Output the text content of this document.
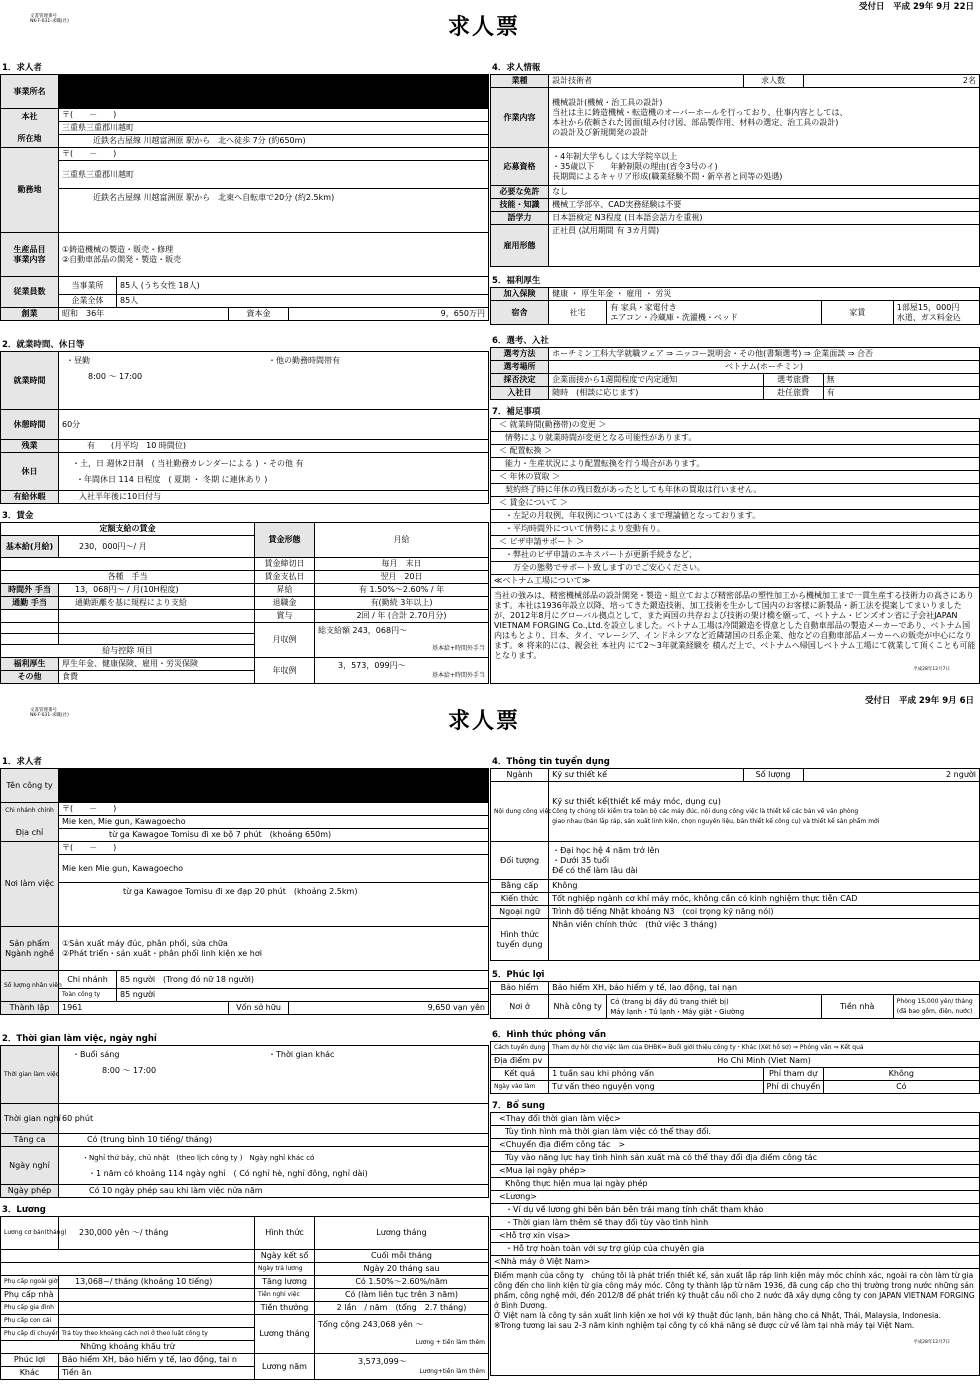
文書管理番号
NK-F-031-求職(社)	求人票
受付日　平成 29年 9月 22日
1．求人者
事業所名				

本社
所在地	〒(　　－　　)			
	三重県三重郡川越町			
	近鉄名古屋線 川越富洲原 駅から　北へ徒歩 7分 (約650m)			
勤務地	〒(　　－　　)			
	三重県三重郡川越町			
	近鉄名古屋線 川越富洲原 駅から　北東へ自転車で20分 (約2.5km)			
生産品目
事業内容	①鋳造機械の製造・販売・修理
②自動車部品の開発・製造・販売			
従業員数	当事業所	85人 (うち女性 18人)		
	企業全体	85人		
創業	昭和　36年		資本金	9，650万円
2．就業時間、休日等
就業時間	・昼勤 ・他の勤務時間帯有
8:00 ～ 17:00

休憩時間	60分
残業	有　　(月平均　10 時間位)
休日	・土，日 週休2日制　( 当社勤務カレンダーによる ) ・その他 有
・年間休日 114 日程度　( 夏期 ・ 冬期 に連休あり )

有給休暇	入社半年後に10日付与
3．賃金
定額支給の賃金		賃金形態	月給
基本給(月給)	230，000円～/ 月		
		賃金締切日	毎月　末日
各種　手当		賃金支払日	翌月　20日
時間外 手当	13，068円～ / 月(10H程度)	昇給	有 1.50%～2.60% / 年
通勤 手当	通勤距離を基に規程により支給	退職金	有(勤続 3年以上)
		賞与	2回 / 年 (合計 2.70月分)
		月収例	総支給額 243，068円～
基本給+時間外手当

給与控除 項目			
福利厚生	厚生年金、健康保険、雇用・労災保険	年収例	3，573，099円～
基本給+時間外手当

その他	食費		
4．求人情報
業種	設計技術者	求人数	2名
作業内容	機械設計(機械・治工具の設計)
当社は主に鋳造機械・転造機のオーバーホールを行っており、仕事内容としては、
本社から依頼された図面(組み付け図、部品製作用、材料の選定、治工具の設計)
の設計及び新規開発の設計		
応募資格	・4年制大学もしくは大学院卒以上
・35歳以下　　年齢制限の理由(省令3号のイ)
長期間によるキャリア形成(職業経験不問・新卒者と同等の処遇)		
必要な免許	なし		
技能・知識	機械工学部卒、CAD実務経験は不要		
語学力	日本語検定 N3程度 (日本語会話力を重視)		
雇用形態	正社員 (試用期間 有 3カ月間)		
5．福利厚生
加入保険	健康 ・ 厚生年金 ・ 雇用 ・ 労災			
宿舎	社宅	有 家具・家電付き
エアコン・冷蔵庫・洗濯機・ベッド	家賃	1部屋15，000円
水道、ガス料金込
6．選考、入社
選考方法	ホーチミン工科大学就職フェア ⇒ ニッコー説明会・その他(書類選考) ⇒ 企業面談 ⇒ 合否		
選考場所	ベトナム(ホーチミン)		
採否決定	企業面接から1週間程度で内定通知	選考旅費	無
入社日	随時　(相談に応じます)	赴任旅費	有
7．補足事項
＜ 就業時間(勤務帯)の変更 ＞
情勢により就業時間が変更となる可能性があります。
＜ 配置転換 ＞
能力・生産状況により配置転換を行う場合があります。
＜ 年休の買取 ＞
契約終了時に年休の残日数があったとしても年休の買取は行いません。
＜ 賃金について ＞
・左記の月収例、年収例についてはあくまで理論値となっております。
・平均時間外について情勢により変動有り。
＜ ビザ申請サポート ＞
・弊社のビザ申請のエキスパートが更新手続きなど、
万全の態勢でサポート致しますのでご安心ください。
≪ベトナム工場について≫
当社の強みは、精密機械部品の設計開発・製造・組立ておよび精密部品の塑性加工から機械加工まで一貫生産する技術力の高さにあります。本社は1936年設立以降、培ってきた鍛造技術、加工技術を生かして国内のお客様に新製品・新工法を提案してまいりましたが、2012年8月にグローバル拠点として、また両国の共存および技術の架け橋を願って、ベトナム・ビンズオン省に子会社JAPAN VIETNAM FORGING Co.,Ltd.を設立しました。ベトナム工場は冷間鍛造を得意とした自動車部品の製造メーカーであり、ベトナム国内はもとより、日本、タイ、マレーシア、インドネシアなど近隣諸国の日系企業、他などの自動車部品メーカーへの販売が中心になります。※ 将来的には、親会社 本社内 にて2～3年就業経験を 積んだ上で、ベトナムへ帰国しベトナム工場にて就業して頂くことも可能となります。
平成28年12月7日
文書管理番号
NK-F-031-求職(社)	求人票
受付日　平成 29年 9月 6日
1．求人者
Tên công ty				

Chi nhánh chính
Địa chỉ	〒(　　－　　)			
	Mie ken, Mie gun, Kawagoecho			
	từ ga Kawagoe Tomisu đi xe bộ 7 phút　(khoảng 650m)			
Nơi làm việc	〒(　　－　　)			
	Mie ken Mie gun, Kawagoecho			
	từ ga Kawagoe Tomisu đi xe đạp 20 phút　(khoảng 2.5km)			
Sản phẩm
Ngành nghề	①Sản xuất máy đúc, phân phối, sửa chữa
②Phát triển・sản xuất・phân phối linh kiện xe hơi			
Số lượng nhân viên	Chi nhánh	85 người　(Trong đó nữ 18 người)		
	Toàn công ty	85 người		
Thành lập	1961		Vốn sở hữu	9,650 vạn yên
2．Thời gian làm việc, ngày nghỉ
Thời gian làm việc	・Buổi sáng ・Thời gian khác
8:00 ～ 17:00

Thời gian nghỉ	60 phút
Tăng ca	Có (trung bình 10 tiếng/ tháng)
Ngày nghỉ	・Nghỉ thứ bảy, chủ nhật　(theo lịch công ty )　Ngày nghỉ khác có
・1 năm có khoảng 114 ngày nghỉ　( Có nghỉ hè, nghỉ đông, nghỉ dài)

Ngày phép	Có 10 ngày phép sau khi làm việc nửa năm
3．Lương
Lương cơ bản(tháng)	230,000 yên ～/ tháng	Hình thức	Lương tháng
		Ngày kết sổ	Cuối mỗi tháng
		Ngày trả lương	Ngày 20 tháng sau
Phụ cấp ngoài giờ	13,068~/ tháng (khoảng 10 tiếng)	Tăng lương	Có 1.50%～2.60%/năm
Phụ cấp nhà		Tiền nghỉ việc	Có (làm liên tục trên 3 năm)
Phụ cấp gia đình		Tiền thưởng	2 lần　/ năm　(tổng　2.7 tháng)
Phụ cấp con cái		Lương tháng	Tổng cộng 243,068 yên ～
Lương + tiền làm thêm

Phụ cấp đi chuyển	Trả tùy theo khoảng cách nơi ở theo luật công ty		
Những khoảng khấu trừ			
Phúc lợi	Bảo hiểm XH, bảo hiểm y tế, lao động, tai n	Lương năm	3,573,099～
Lương+tiền làm thêm

Khác	Tiền ăn		
4．Thông tin tuyển dụng
Ngành	Kỹ sư thiết kế	Số lượng	2 người
Nội dung công việc	Kỹ sư thiết kế(thiết kế máy móc, dụng cụ)
Công ty chúng tôi kiểm tra toàn bộ các máy đúc, nội dung công việc là thiết kế các bản vẽ văn phòng
giao nhau (bản lắp ráp, sản xuất linh kiện, chọn nguyên liệu, bản thiết kế công cụ) và thiết kế sản phẩm mới		

Đối tượng	・Đại học hệ 4 năm trở lên
・Dưới 35 tuổi
Để có thể làm lâu dài		
Bằng cấp	Không		
Kiến thức	Tốt nghiệp ngành cơ khí máy móc, không cần có kinh nghiệm thực tiễn CAD		
Ngoại ngữ	Trình độ tiếng Nhật khoảng N3　(coi trọng kỹ năng nói)		
Hình thức tuyển dụng	Nhân viên chính thức　(thử việc 3 tháng)		
5．Phúc lợi
Bảo hiểm	Bảo hiểm XH, bảo hiểm y tế, lao động, tai nạn			
Nơi ở	Nhà công ty	Có (trang bị đầy đủ trang thiết bị)
Máy lạnh・Tủ lạnh・Máy giặt・Giường	Tiền nhà	Phòng 15,000 yên/ tháng
(đã bao gồm, điện, nước)
6．Hình thức phỏng vấn
Cách tuyển dụng	Tham dự hội chợ việc làm của ĐHBK⇒ Buổi giới thiệu công ty・Khác (Xét hồ sơ) ⇒ Phỏng vấn ⇒ Kết quả		
Địa điểm pv	Ho Chi Minh (Viet Nam)		
Kết quả	1 tuần sau khi phỏng vấn	Phí tham dự	Không
Ngày vào làm	Tư vấn theo nguyện vọng	Phí di chuyển	Có
7．Bổ sung
<Thay đổi thời gian làm việc>
Tùy tình hình mà thời gian làm việc có thể thay đổi.
<Chuyển địa điểm công tác　>
Tùy vào năng lực hay tình hình sản xuất mà có thể thay đổi địa điểm công tác
<Mua lại ngày phép>
Không thực hiện mua lại ngày phép
<Lương>
・Ví dụ về lương ghi bên bản bên trái mang tính chất tham khảo
・Thời gian làm thêm sẽ thay đổi tùy vào tình hình
<Hỗ trợ xin visa>
・Hỗ trợ hoàn toàn với sự trợ giúp của chuyên gia
<Nhà máy ở Việt Nam>
Điểm mạnh của công ty　chúng tôi là phát triển thiết kế, sản xuất lắp ráp linh kiện máy móc chính xác, ngoài ra còn làm từ gia công đến cho linh kiện từ gia công máy móc. Công ty thành lập từ năm 1936, đã cung cấp cho thị trường trong nước những sản phẩm, công nghệ mới, đến 2012/8 để phát triển kỹ thuật cầu nối cho 2 nước đã xây dựng công ty con JAPAN VIETNAM FORGING ở Bình Dương.
Ở Việt nam là công ty sản xuất linh kiện xe hơi với kỹ thuật đúc lạnh, bán hàng cho cả Nhật, Thái, Malaysia, Indonesia.
※Trong tương lai sau 2-3 năm kinh nghiệm tại công ty có khả năng sẽ được cử về làm tại nhà máy tại Việt Nam.
平成28年12月7日
